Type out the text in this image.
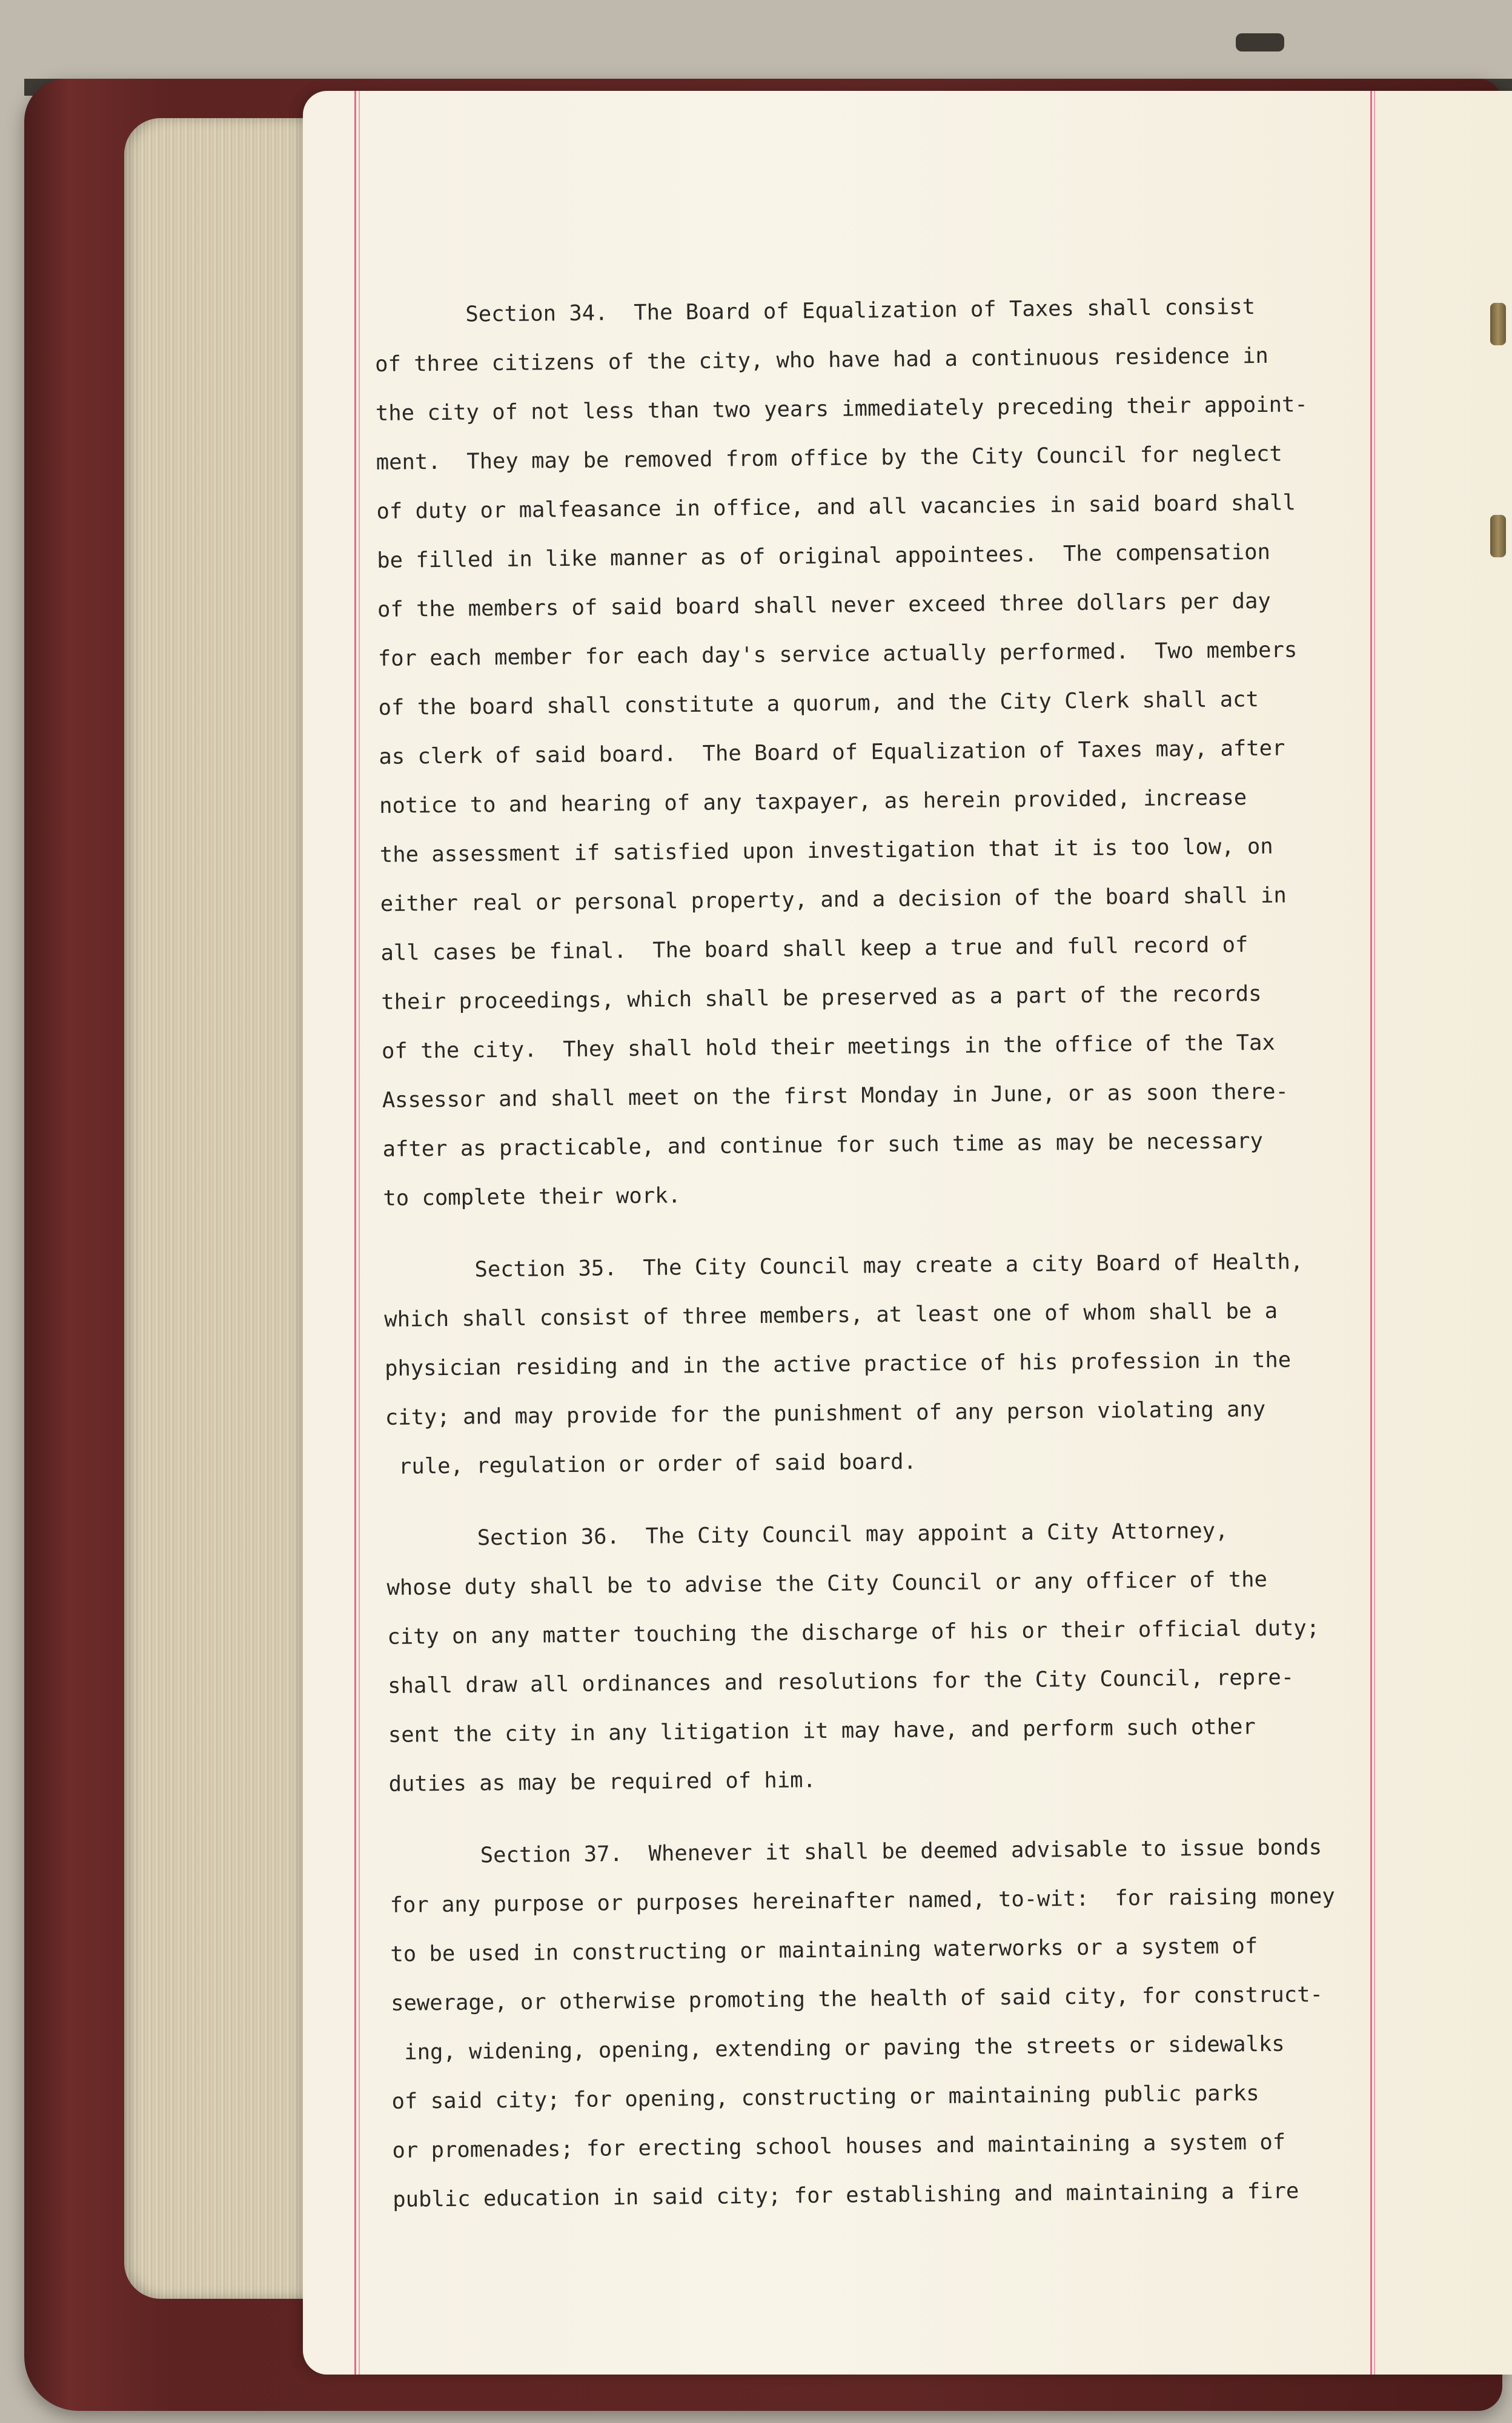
Section 34.  The Board of Equalization of Taxes shall consist
of three citizens of the city, who have had a continuous residence in
the city of not less than two years immediately preceding their appoint-
ment.  They may be removed from office by the City Council for neglect
of duty or malfeasance in office, and all vacancies in said board shall
be filled in like manner as of original appointees.  The compensation
of the members of said board shall never exceed three dollars per day
for each member for each day's service actually performed.  Two members
of the board shall constitute a quorum, and the City Clerk shall act
as clerk of said board.  The Board of Equalization of Taxes may, after
notice to and hearing of any taxpayer, as herein provided, increase
the assessment if satisfied upon investigation that it is too low, on
either real or personal property, and a decision of the board shall in
all cases be final.  The board shall keep a true and full record of
their proceedings, which shall be preserved as a part of the records
of the city.  They shall hold their meetings in the office of the Tax
Assessor and shall meet on the first Monday in June, or as soon there-
after as practicable, and continue for such time as may be necessary
to complete their work.
Section 35.  The City Council may create a city Board of Health,
which shall consist of three members, at least one of whom shall be a
physician residing and in the active practice of his profession in the
city; and may provide for the punishment of any person violating any
rule, regulation or order of said board.
Section 36.  The City Council may appoint a City Attorney,
whose duty shall be to advise the City Council or any officer of the
city on any matter touching the discharge of his or their official duty;
shall draw all ordinances and resolutions for the City Council, repre-
sent the city in any litigation it may have, and perform such other
duties as may be required of him.
Section 37.  Whenever it shall be deemed advisable to issue bonds
for any purpose or purposes hereinafter named, to-wit:  for raising money
to be used in constructing or maintaining waterworks or a system of
sewerage, or otherwise promoting the health of said city, for construct-
ing, widening, opening, extending or paving the streets or sidewalks
of said city; for opening, constructing or maintaining public parks
or promenades; for erecting school houses and maintaining a system of
public education in said city; for establishing and maintaining a fire
